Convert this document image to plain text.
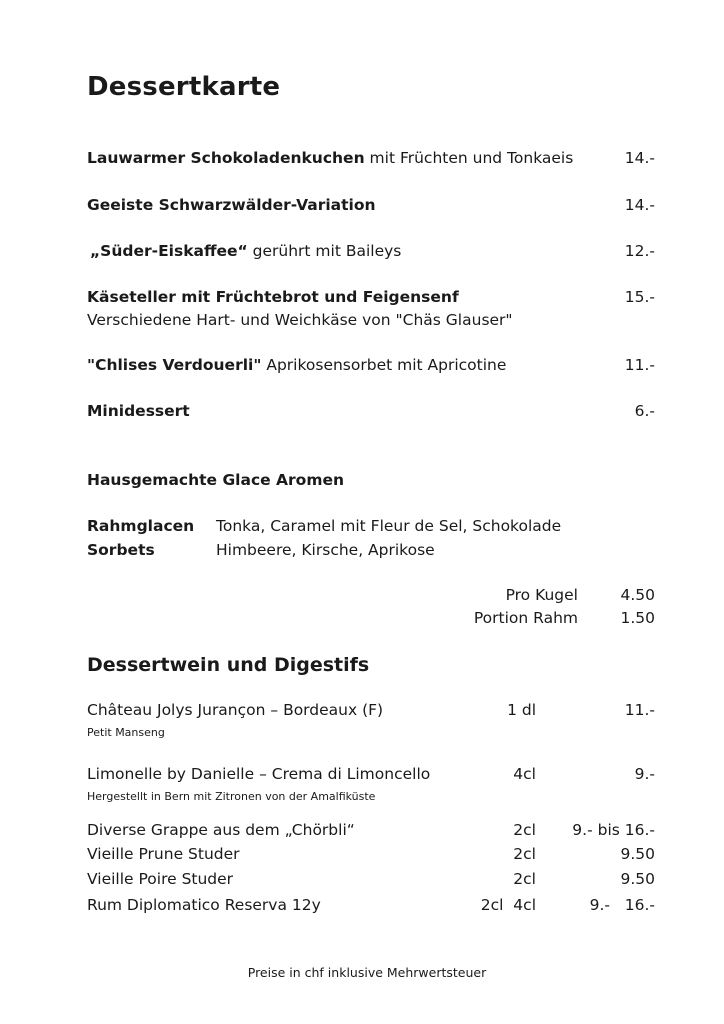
Dessertkarte
Lauwarmer Schokoladenkuchen mit Früchten und Tonkaeis	14.-
Geeiste Schwarzwälder-Variation	14.-
„Süder-Eiskaffee“ gerührt mit Baileys	12.-
Käseteller mit Früchtebrot und Feigensenf	15.-
Verschiedene Hart- und Weichkäse von "Chäs Glauser"
"Chlises Verdouerli" Aprikosensorbet mit Apricotine	11.-
Minidessert	6.-
Hausgemachte Glace Aromen
Rahmglacen Tonka, Caramel mit Fleur de Sel, Schokolade
Sorbets	Himbeere, Kirsche, Aprikose
Pro Kugel	4.50
Portion Rahm	1.50
Dessertwein und Digestifs
Château Jolys Jurançon – Bordeaux (F)	1 dl	11.-
Petit Manseng
Limonelle by Danielle – Crema di Limoncello	4cl	9.-
Hergestellt in Bern mit Zitronen von der Amalfiküste
Diverse Grappe aus dem „Chörbli“	2cl 9.- bis 16.-
Vieille Prune Studer	2cl	9.50
Vieille Poire Studer	2cl	9.50
Rum Diplomatico Reserva 12y	2cl  4cl	9.-   16.-
Preise in chf inklusive Mehrwertsteuer
